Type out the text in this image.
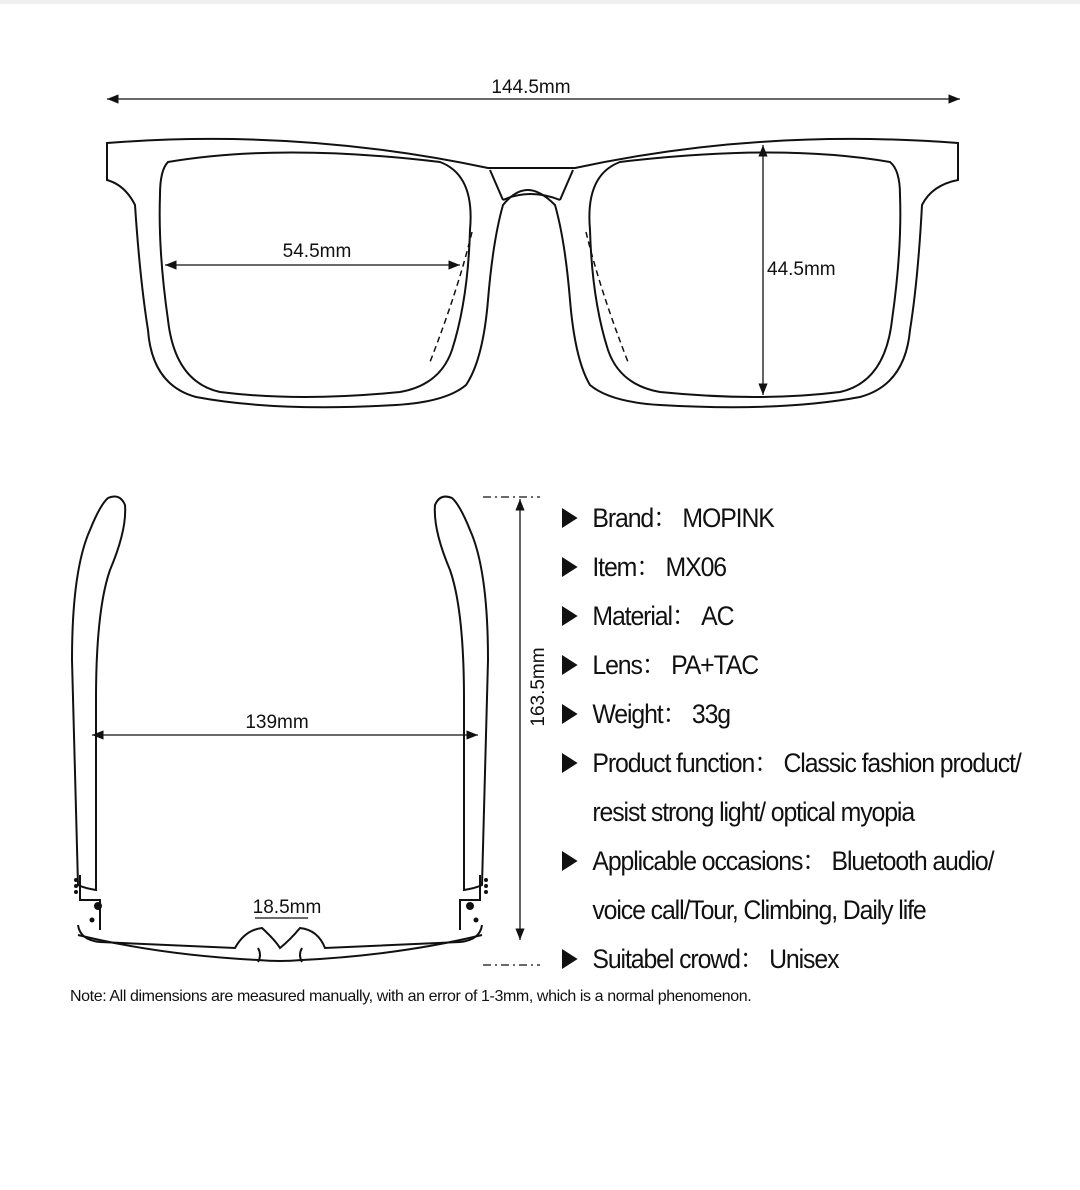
144.5mm
54.5mm
44.5mm
139mm
18.5mm
163.5mm
Brand： MOPINK
Item： MX06
Material： AC
Lens： PA+TAC
Weight： 33g
Product function： Classic fashion product/
resist strong light/ optical myopia
Applicable occasions： Bluetooth audio/
voice call/Tour, Climbing, Daily life
Suitabel crowd： Unisex
Note: All dimensions are measured manually, with an error of 1-3mm, which is a normal phenomenon.
